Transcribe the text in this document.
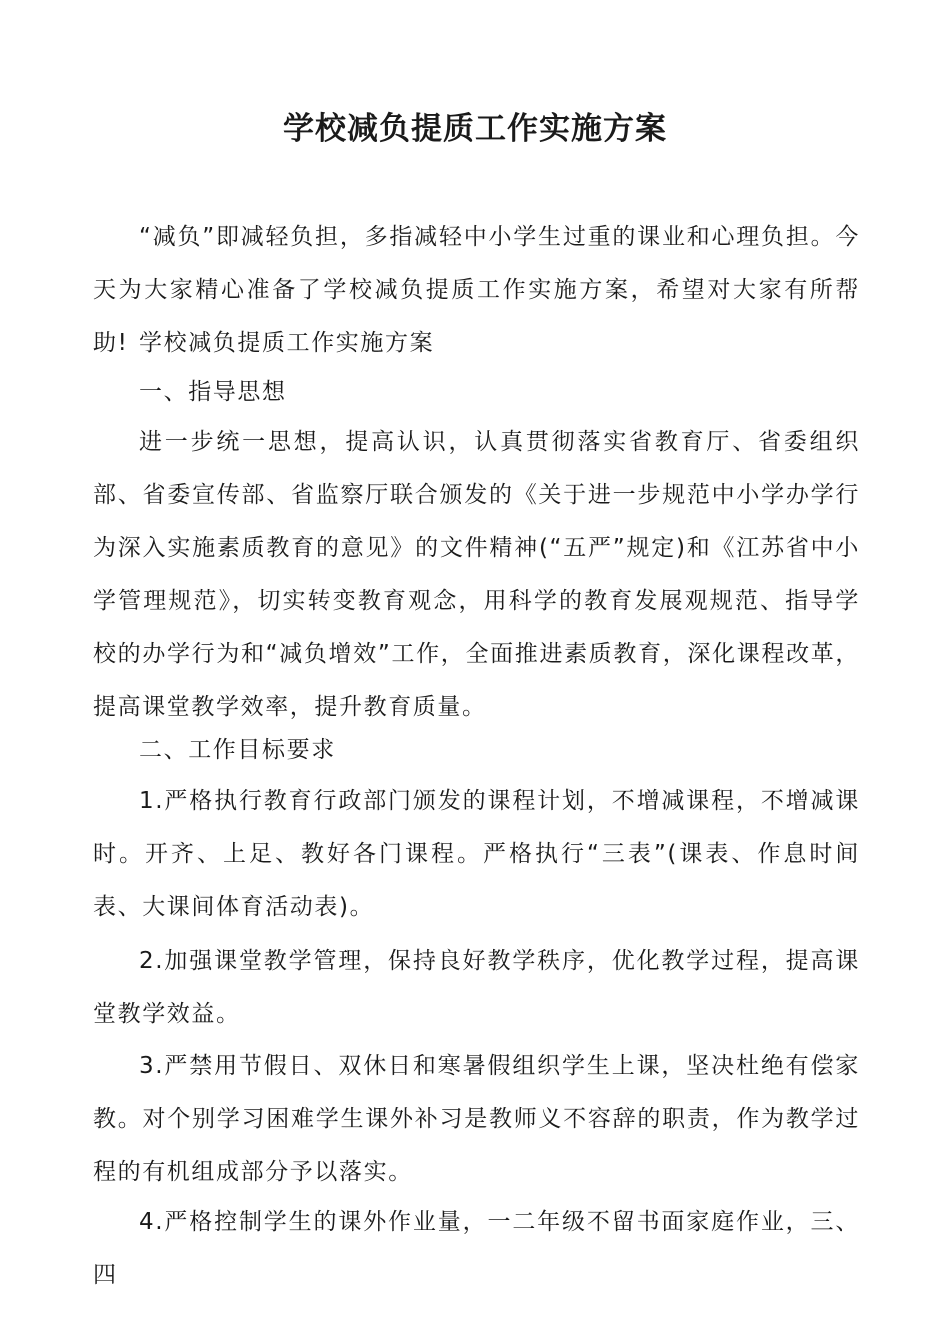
学校减负提质工作实施方案

“减负”即减轻负担，多指减轻中小学生过重的课业和心理负担。今天为大家精心准备了学校减负提质工作实施方案，希望对大家有所帮助! 学校减负提质工作实施方案

一、指导思想

进一步统一思想，提高认识，认真贯彻落实省教育厅、省委组织部、省委宣传部、省监察厅联合颁发的《关于进一步规范中小学办学行为深入实施素质教育的意见》的文件精神(“五严”规定)和《江苏省中小学管理规范》，切实转变教育观念，用科学的教育发展观规范、指导学校的办学行为和“减负增效”工作，全面推进素质教育，深化课程改革，提高课堂教学效率，提升教育质量。

二、工作目标要求

1.严格执行教育行政部门颁发的课程计划，不增减课程，不增减课时。开齐、上足、教好各门课程。严格执行“三表”(课表、作息时间表、大课间体育活动表)。

2.加强课堂教学管理，保持良好教学秩序，优化教学过程，提高课堂教学效益。

3.严禁用节假日、双休日和寒暑假组织学生上课，坚决杜绝有偿家教。对个别学习困难学生课外补习是教师义不容辞的职责，作为教学过程的有机组成部分予以落实。

4.严格控制学生的课外作业量，一二年级不留书面家庭作业，三、四
